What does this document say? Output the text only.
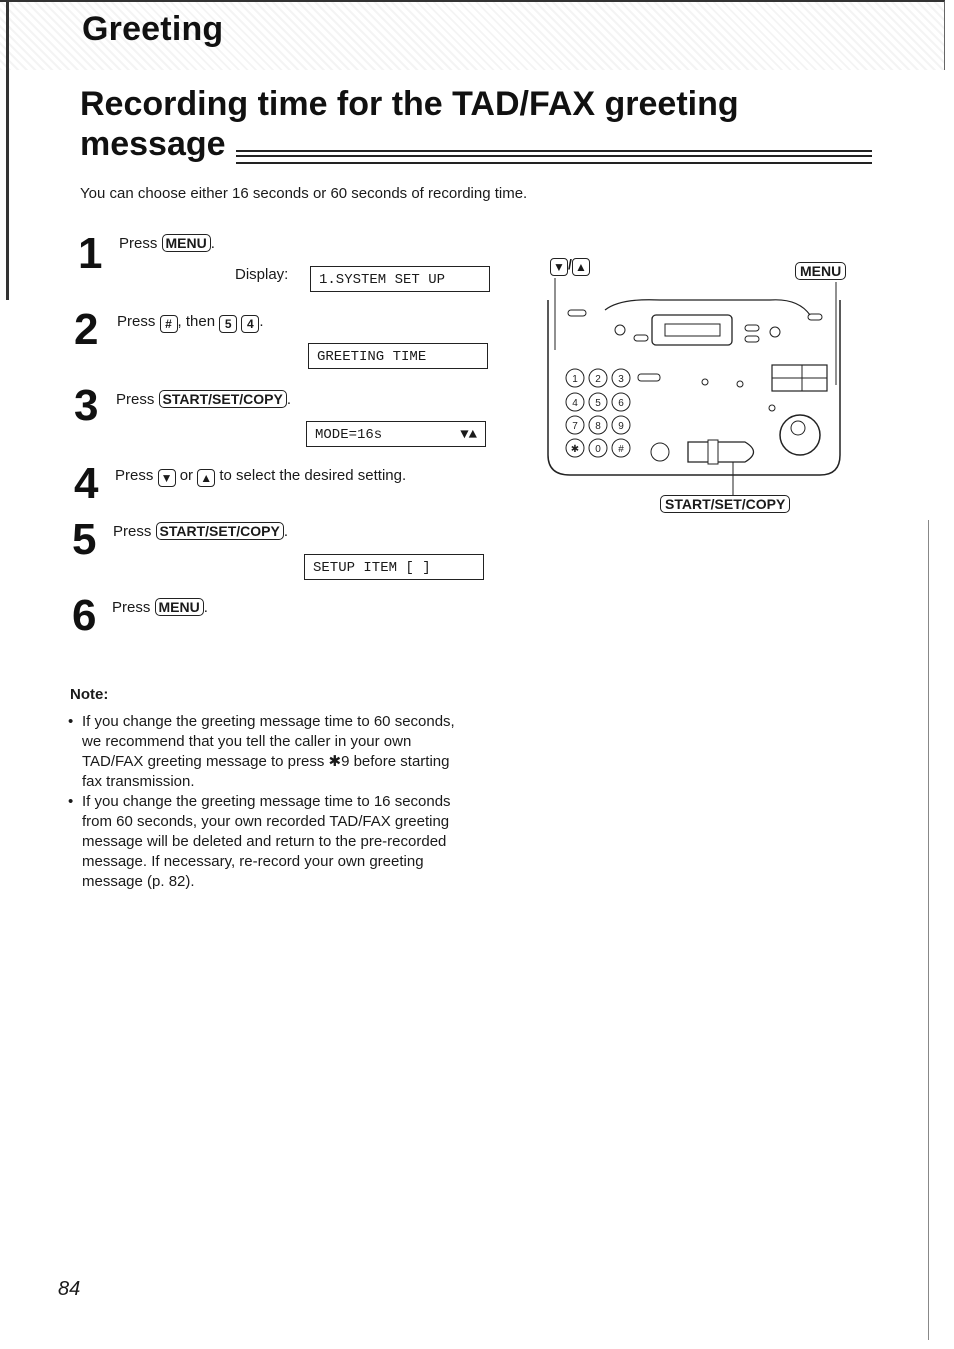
Greeting
Recording time for the TAD/FAX greeting
message
You can choose either 16 seconds or 60 seconds of recording time.
1 Press MENU .
Display:	1.SYSTEM SET UP
2 Press # , then 5 4 .
GREETING TIME
3 Press START/SET/COPY .
MODE=16s	▼▲
4 Press ▼ or ▲ to select the desired setting.
5 Press START/SET/COPY .
SETUP ITEM [ ]
6 Press MENU .
▼ / ▲	MENU
START/SET/COPY
1 2 3
4 5 6
7 8 9
✱ 0 #
Note:
• If you change the greeting message time to 60 seconds, we recommend that you tell the caller in your own TAD/FAX greeting message to press ✱9 before starting fax transmission.
• If you change the greeting message time to 16 seconds from 60 seconds, your own recorded TAD/FAX greeting message will be deleted and return to the pre-recorded message. If necessary, re-record your own greeting message (p. 82).
84
